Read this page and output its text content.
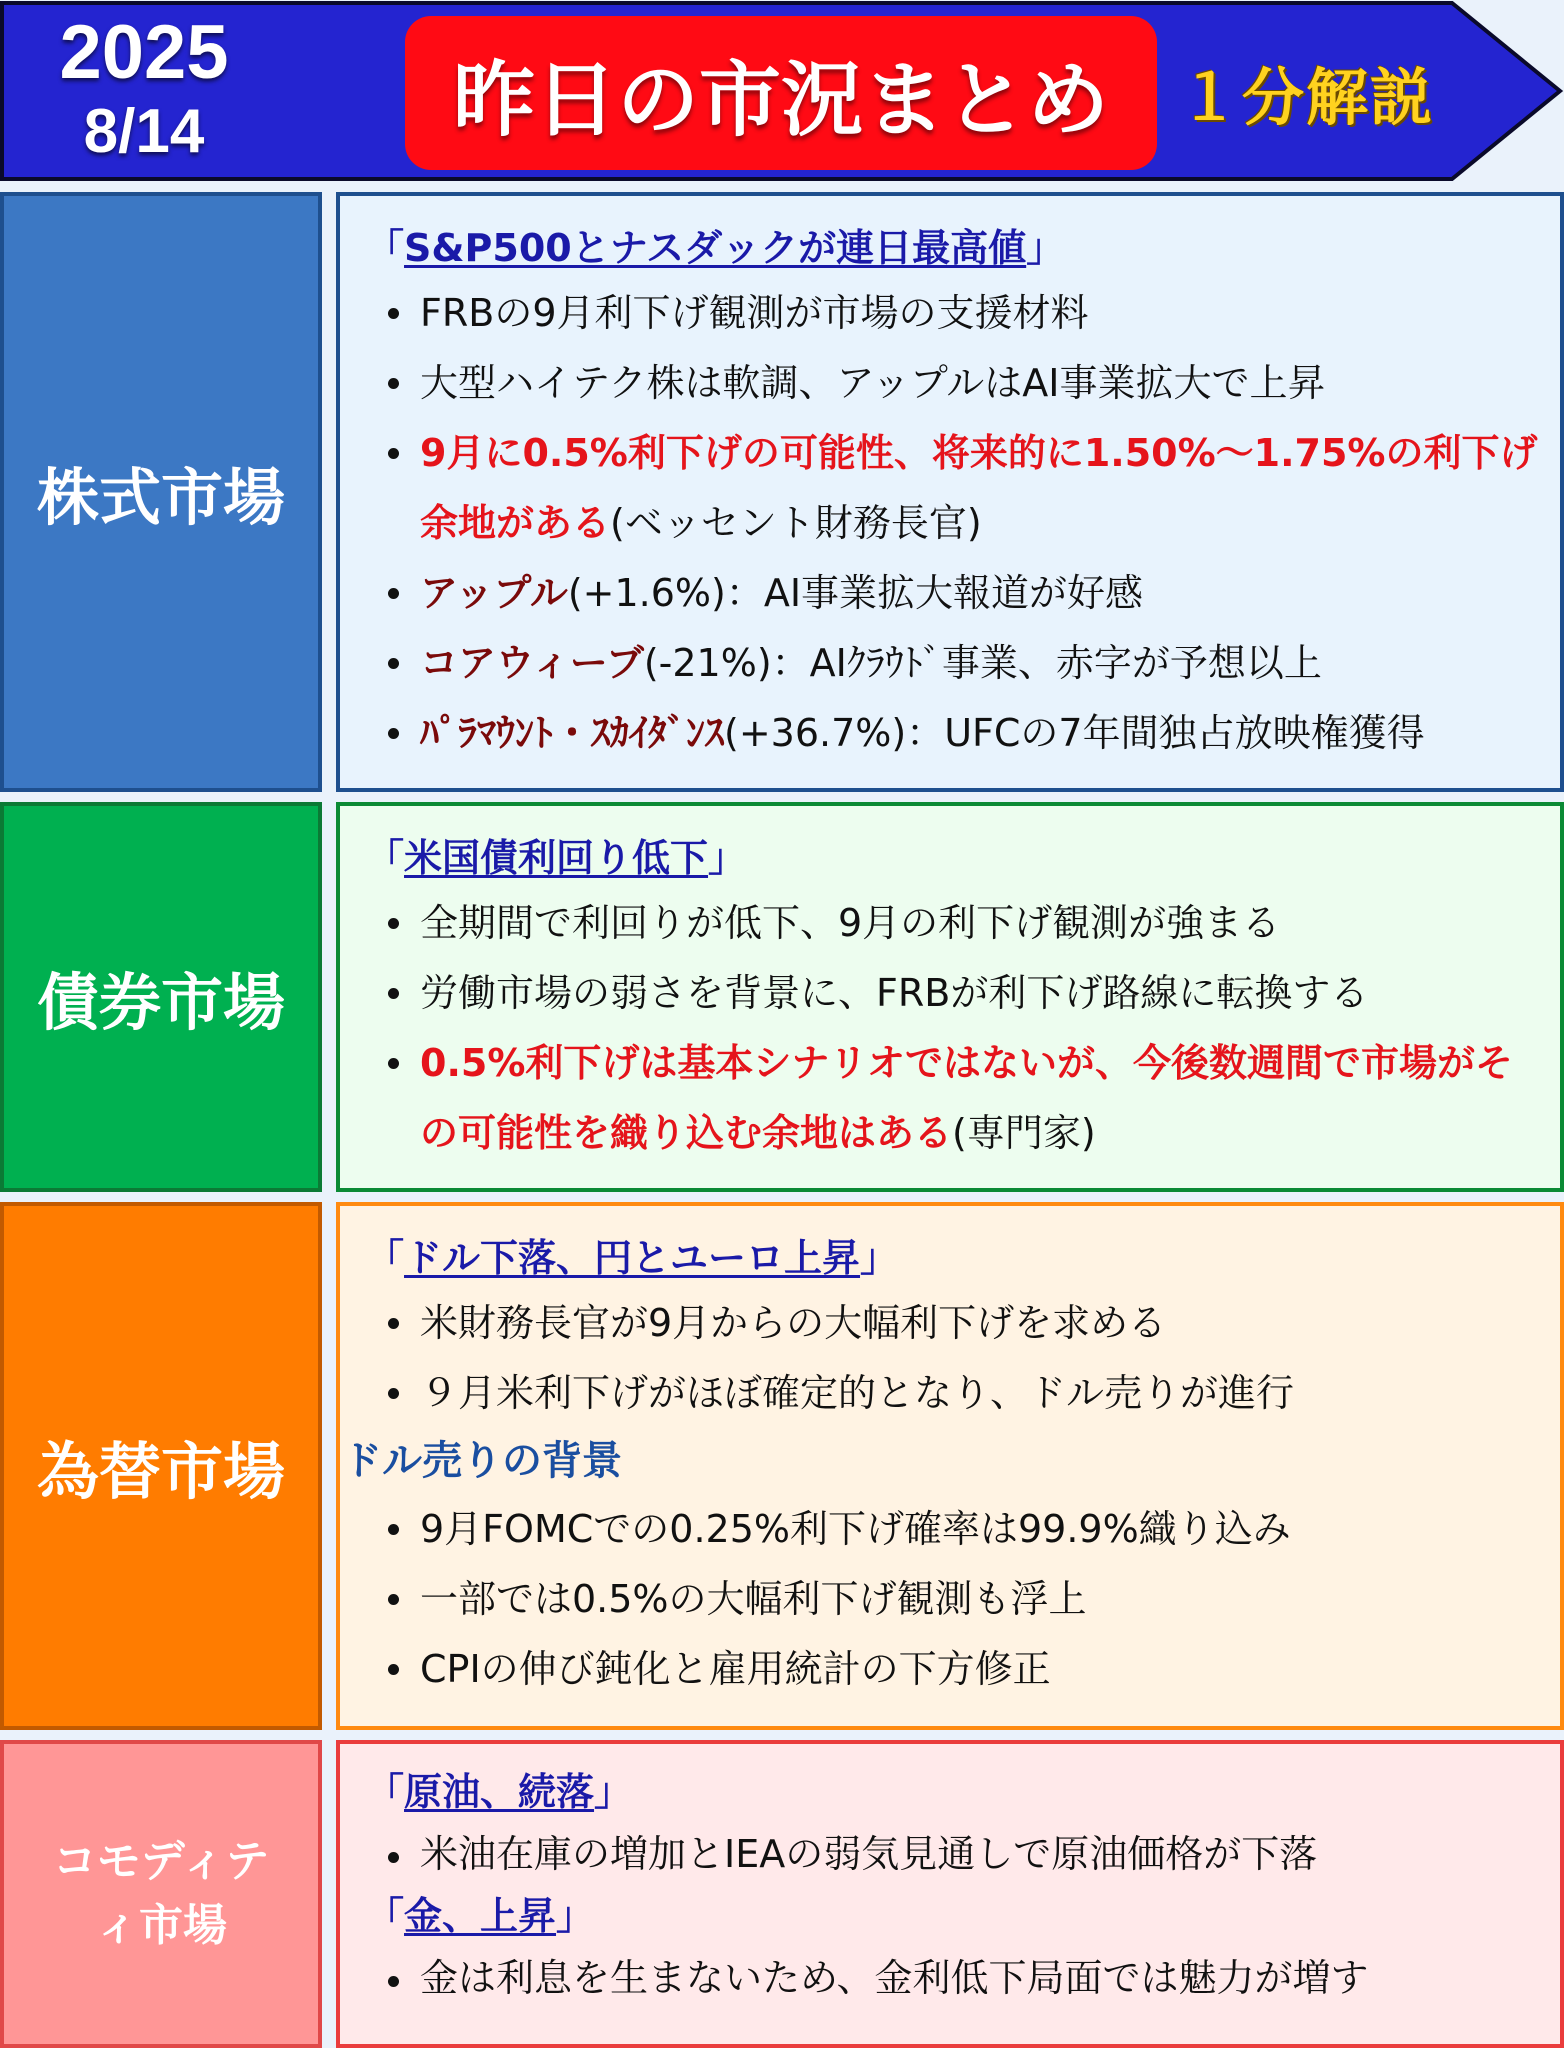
2025
8/14	昨日の市況まとめ １分解説
株式市場
「S&P500とナスダックが連日最高値」
FRBの9月利下げ観測が市場の支援材料
大型ハイテク株は軟調、アップルはAI事業拡大で上昇
9月に0.5%利下げの可能性、将来的に1.50%～1.75%の利下げ余地がある(ベッセント財務長官)
アップル(+1.6%)：AI事業拡大報道が好感
コアウィーブ(-21%)：AIｸﾗｳﾄﾞ事業、赤字が予想以上
ﾊﾟﾗﾏｳﾝﾄ・ｽｶｲﾀﾞﾝｽ(+36.7%)：UFCの7年間独占放映権獲得
債券市場
「米国債利回り低下」
全期間で利回りが低下、9月の利下げ観測が強まる
労働市場の弱さを背景に、FRBが利下げ路線に転換する
0.5%利下げは基本シナリオではないが、今後数週間で市場がその可能性を織り込む余地はある(専門家)
為替市場
「ドル下落、円とユーロ上昇」
米財務長官が9月からの大幅利下げを求める
９月米利下げがほぼ確定的となり、ドル売りが進行
ドル売りの背景
9月FOMCでの0.25%利下げ確率は99.9%織り込み
一部では0.5%の大幅利下げ観測も浮上
CPIの伸び鈍化と雇用統計の下方修正
コモディティ市場
「原油、続落」
米油在庫の増加とIEAの弱気見通しで原油価格が下落
「金、上昇」
金は利息を生まないため、金利低下局面では魅力が増す
